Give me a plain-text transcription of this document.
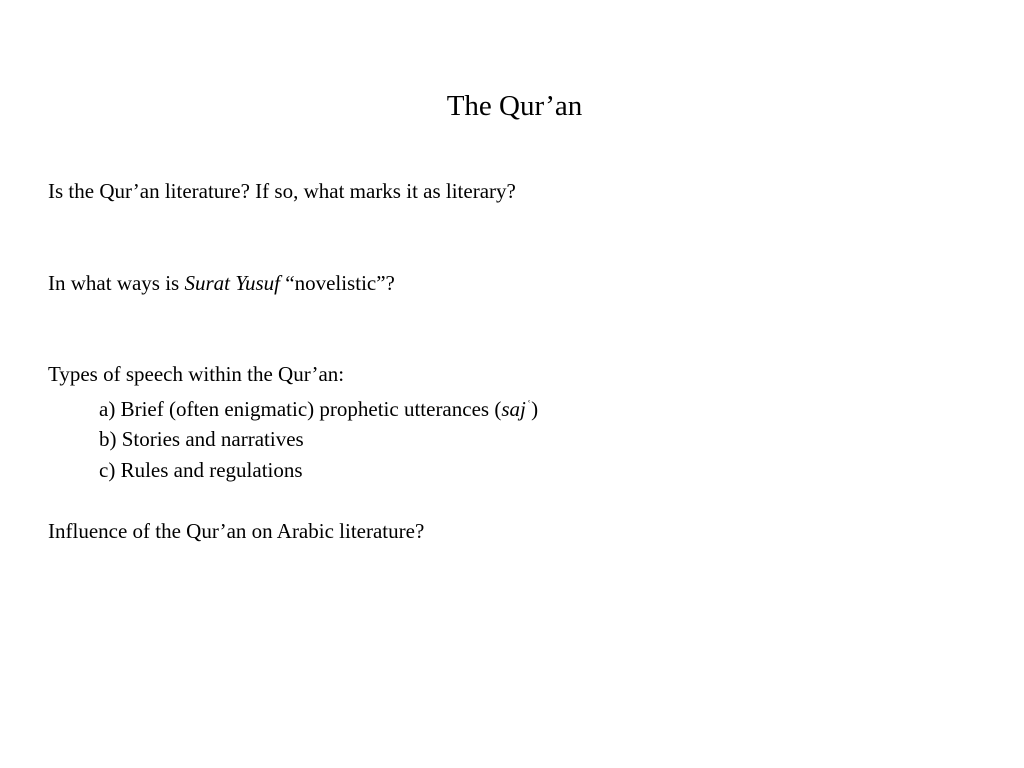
The Qur’an

Is the Qur’an literature? If so, what marks it as literary?

In what ways is Surat Yusuf “novelistic”?

Types of speech within the Qur’an:

a) Brief (often enigmatic) prophetic utterances (saj$^ʿ$)

b) Stories and narratives

c) Rules and regulations

Influence of the Qur’an on Arabic literature?
